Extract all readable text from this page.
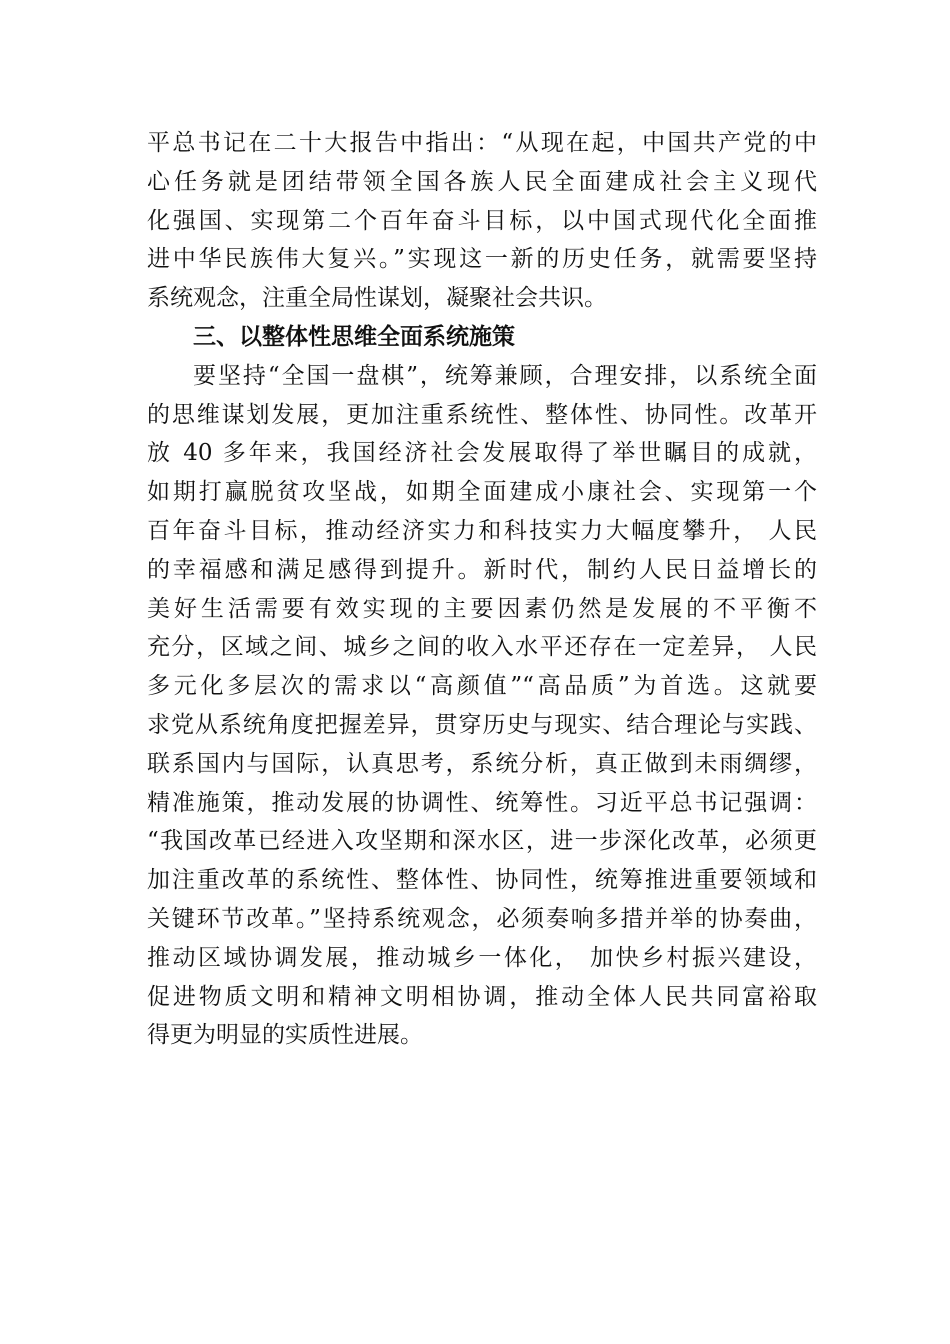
平总书记在二十大报告中指出：“从现在起，中国共产党的中
心任务就是团结带领全国各族人民全面建成社会主义现代
化强国、实现第二个百年奋斗目标，以中国式现代化全面推
进中华民族伟大复兴。”实现这一新的历史任务，就需要坚持
系统观念，注重全局性谋划，凝聚社会共识。
三、以整体性思维全面系统施策
要坚持“全国一盘棋”，统筹兼顾，合理安排，以系统全面
的思维谋划发展，更加注重系统性、整体性、协同性。改革开
放 40 多年来，我国经济社会发展取得了举世瞩目的成就，
如期打赢脱贫攻坚战，如期全面建成小康社会、实现第一个
百年奋斗目标，推动经济实力和科技实力大幅度攀升， 人民
的幸福感和满足感得到提升。新时代，制约人民日益增长的
美好生活需要有效实现的主要因素仍然是发展的不平衡不
充分，区域之间、城乡之间的收入水平还存在一定差异， 人民
多元化多层次的需求以“高颜值”“高品质”为首选。这就要
求党从系统角度把握差异，贯穿历史与现实、结合理论与实践、
联系国内与国际，认真思考，系统分析，真正做到未雨绸缪，
精准施策，推动发展的协调性、统筹性。习近平总书记强调：
“我国改革已经进入攻坚期和深水区，进一步深化改革，必须更
加注重改革的系统性、整体性、协同性，统筹推进重要领域和
关键环节改革。”坚持系统观念，必须奏响多措并举的协奏曲，
推动区域协调发展，推动城乡一体化， 加快乡村振兴建设，
促进物质文明和精神文明相协调，推动全体人民共同富裕取
得更为明显的实质性进展。
